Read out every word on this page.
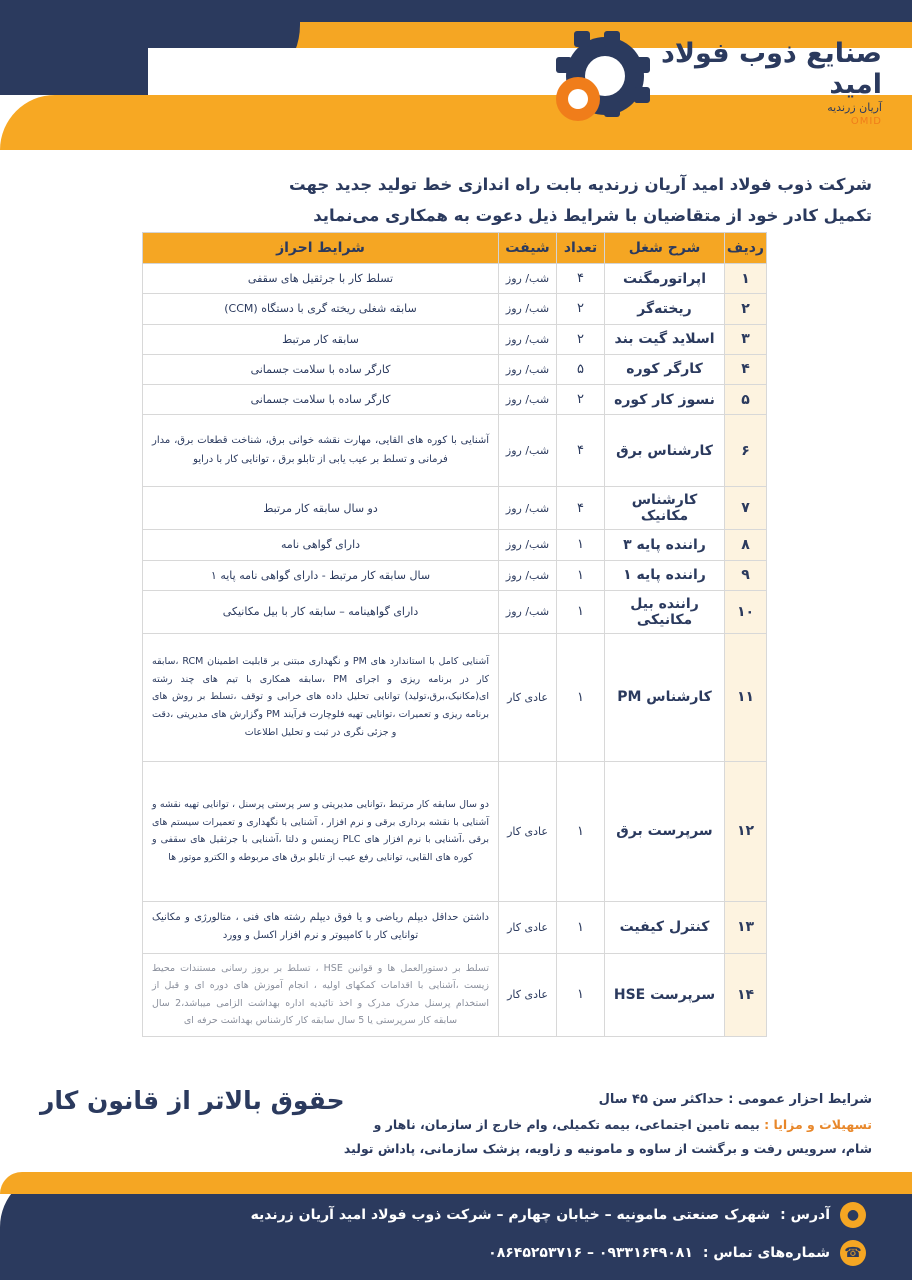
صنایع ذوب فولاد امید
آریان زرندیه
OMID
شرکت ذوب فولاد امید آریان زرندیه بابت راه اندازی خط تولید جدید جهت
تکمیل کادر خود از متقاضیان با شرایط ذیل دعوت به همکاری می‌نماید
ردیف	شرح شغل	تعداد	شیفت	شرایط احراز
۱	اپراتورمگنت	۴	شب/ روز	تسلط کار با جرثقیل های سقفی
۲	ریخته‌گر	۲	شب/ روز	سابقه شغلی ریخته گری با دستگاه (CCM)
۳	اسلاید گیت بند	۲	شب/ روز	سابقه کار مرتبط
۴	کارگر کوره	۵	شب/ روز	کارگر ساده با سلامت جسمانی
۵	نسوز کار کوره	۲	شب/ روز	کارگر ساده با سلامت جسمانی
۶	کارشناس برق	۴	شب/ روز	آشنایی با کوره های القایی، مهارت نقشه خوانی برق، شناخت قطعات برق، مدار فرمانی و تسلط بر عیب یابی از تابلو برق ، توانایی کار با درایو
۷	کارشناس مکانیک	۴	شب/ روز	دو سال سابقه کار مرتبط
۸	راننده پایه ۳	۱	شب/ روز	دارای گواهی نامه
۹	راننده پایه ۱	۱	شب/ روز	سال سابقه کار مرتبط - دارای گواهی نامه پایه ۱
۱۰	راننده بیل مکانیکی	۱	شب/ روز	دارای گواهینامه – سابقه کار با بیل مکانیکی
۱۱	کارشناس PM	۱	عادی کار	آشنایی کامل با استاندارد های PM و نگهداری مبتنی بر قابلیت اطمینان RCM ،سابقه کار در برنامه ریزی و اجرای PM ،سابقه همکاری با تیم های چند رشته ای(مکانیک،برق،تولید) توانایی تحلیل داده های خرابی و توقف ،تسلط بر روش های برنامه ریزی و تعمیرات ،توانایی تهیه فلوچارت فرآیند PM وگزارش های مدیریتی ،دقت و جزئی نگری در ثبت و تحلیل اطلاعات
۱۲	سرپرست برق	۱	عادی کار	دو سال سابقه کار مرتبط ،توانایی مدیریتی و سر پرستی پرسنل ، توانایی تهیه نقشه و آشنایی با نقشه برداری برقی و نرم افزار ، آشنایی با نگهداری و تعمیرات سیستم های برقی ،آشنایی با نرم افزار های PLC زیمنس و دلتا ،آشنایی با جرثقیل های سقفی و کوره های القایی، توانایی رفع عیب از تابلو برق های مربوطه و الکترو موتور ها
۱۳	کنترل کیفیت	۱	عادی کار	داشتن حداقل دیپلم ریاضی و یا فوق دیپلم رشته های فنی ، متالورژی و مکانیک توانایی کار با کامپیوتر و نرم افزار اکسل و وورد
۱۴	سرپرست HSE	۱	عادی کار	تسلط بر دستورالعمل ها و قوانین HSE ، تسلط بر بروز رسانی مستندات محیط زیست ،آشنایی با اقدامات کمکهای اولیه ، انجام آموزش های دوره ای و قبل از استخدام پرسنل مدرک مدرک و اخذ تائیدیه اداره بهداشت الزامی میباشد،2 سال سابقه کار سرپرستی یا 5 سال سابقه کار کارشناس بهداشت حرفه ای
حقوق بالاتر از قانون کار	شرایط احزار عمومی : حداکثر سن ۴۵ سال
تسهیلات و مزایا : بیمه تامین اجتماعی، بیمه تکمیلی، وام خارج از سازمان، ناهار و شام، سرویس رفت و برگشت از ساوه و مامونیه و زاویه، پزشک سازمانی، پاداش تولید
●
آدرس :
شهرک صنعتی مامونیه – خیابان چهارم – شرکت ذوب فولاد امید آریان زرندیه
☎
شماره‌های تماس :
۰۹۳۳۱۶۴۹۰۸۱ – ۰۸۶۴۵۲۵۳۷۱۶
